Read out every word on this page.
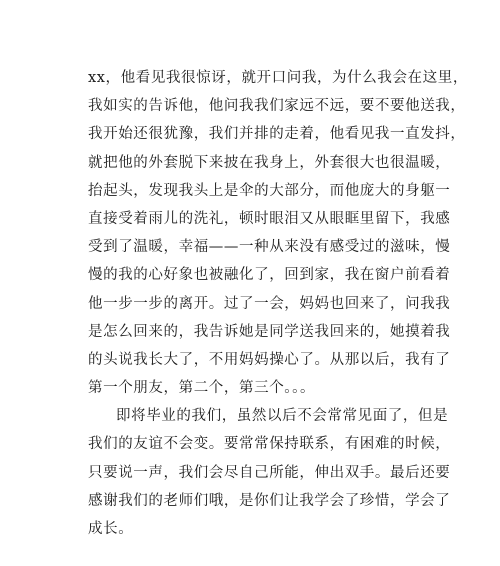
xx，他看见我很惊讶，就开口问我，为什么我会在这里，
我如实的告诉他，他问我我们家远不远，要不要他送我，
我开始还很犹豫，我们并排的走着，他看见我一直发抖，
就把他的外套脱下来披在我身上，外套很大也很温暖，
抬起头，发现我头上是伞的大部分，而他庞大的身躯一
直接受着雨儿的洗礼，顿时眼泪又从眼眶里留下，我感
受到了温暖，幸福——一种从来没有感受过的滋味，慢
慢的我的心好象也被融化了，回到家，我在窗户前看着
他一步一步的离开。过了一会，妈妈也回来了，问我我
是怎么回来的，我告诉她是同学送我回来的，她摸着我
的头说我长大了，不用妈妈操心了。从那以后，我有了
第一个朋友，第二个，第三个。。。
即将毕业的我们，虽然以后不会常常见面了，但是
我们的友谊不会变。要常常保持联系，有困难的时候，
只要说一声，我们会尽自己所能，伸出双手。最后还要
感谢我们的老师们哦，是你们让我学会了珍惜，学会了
成长。
